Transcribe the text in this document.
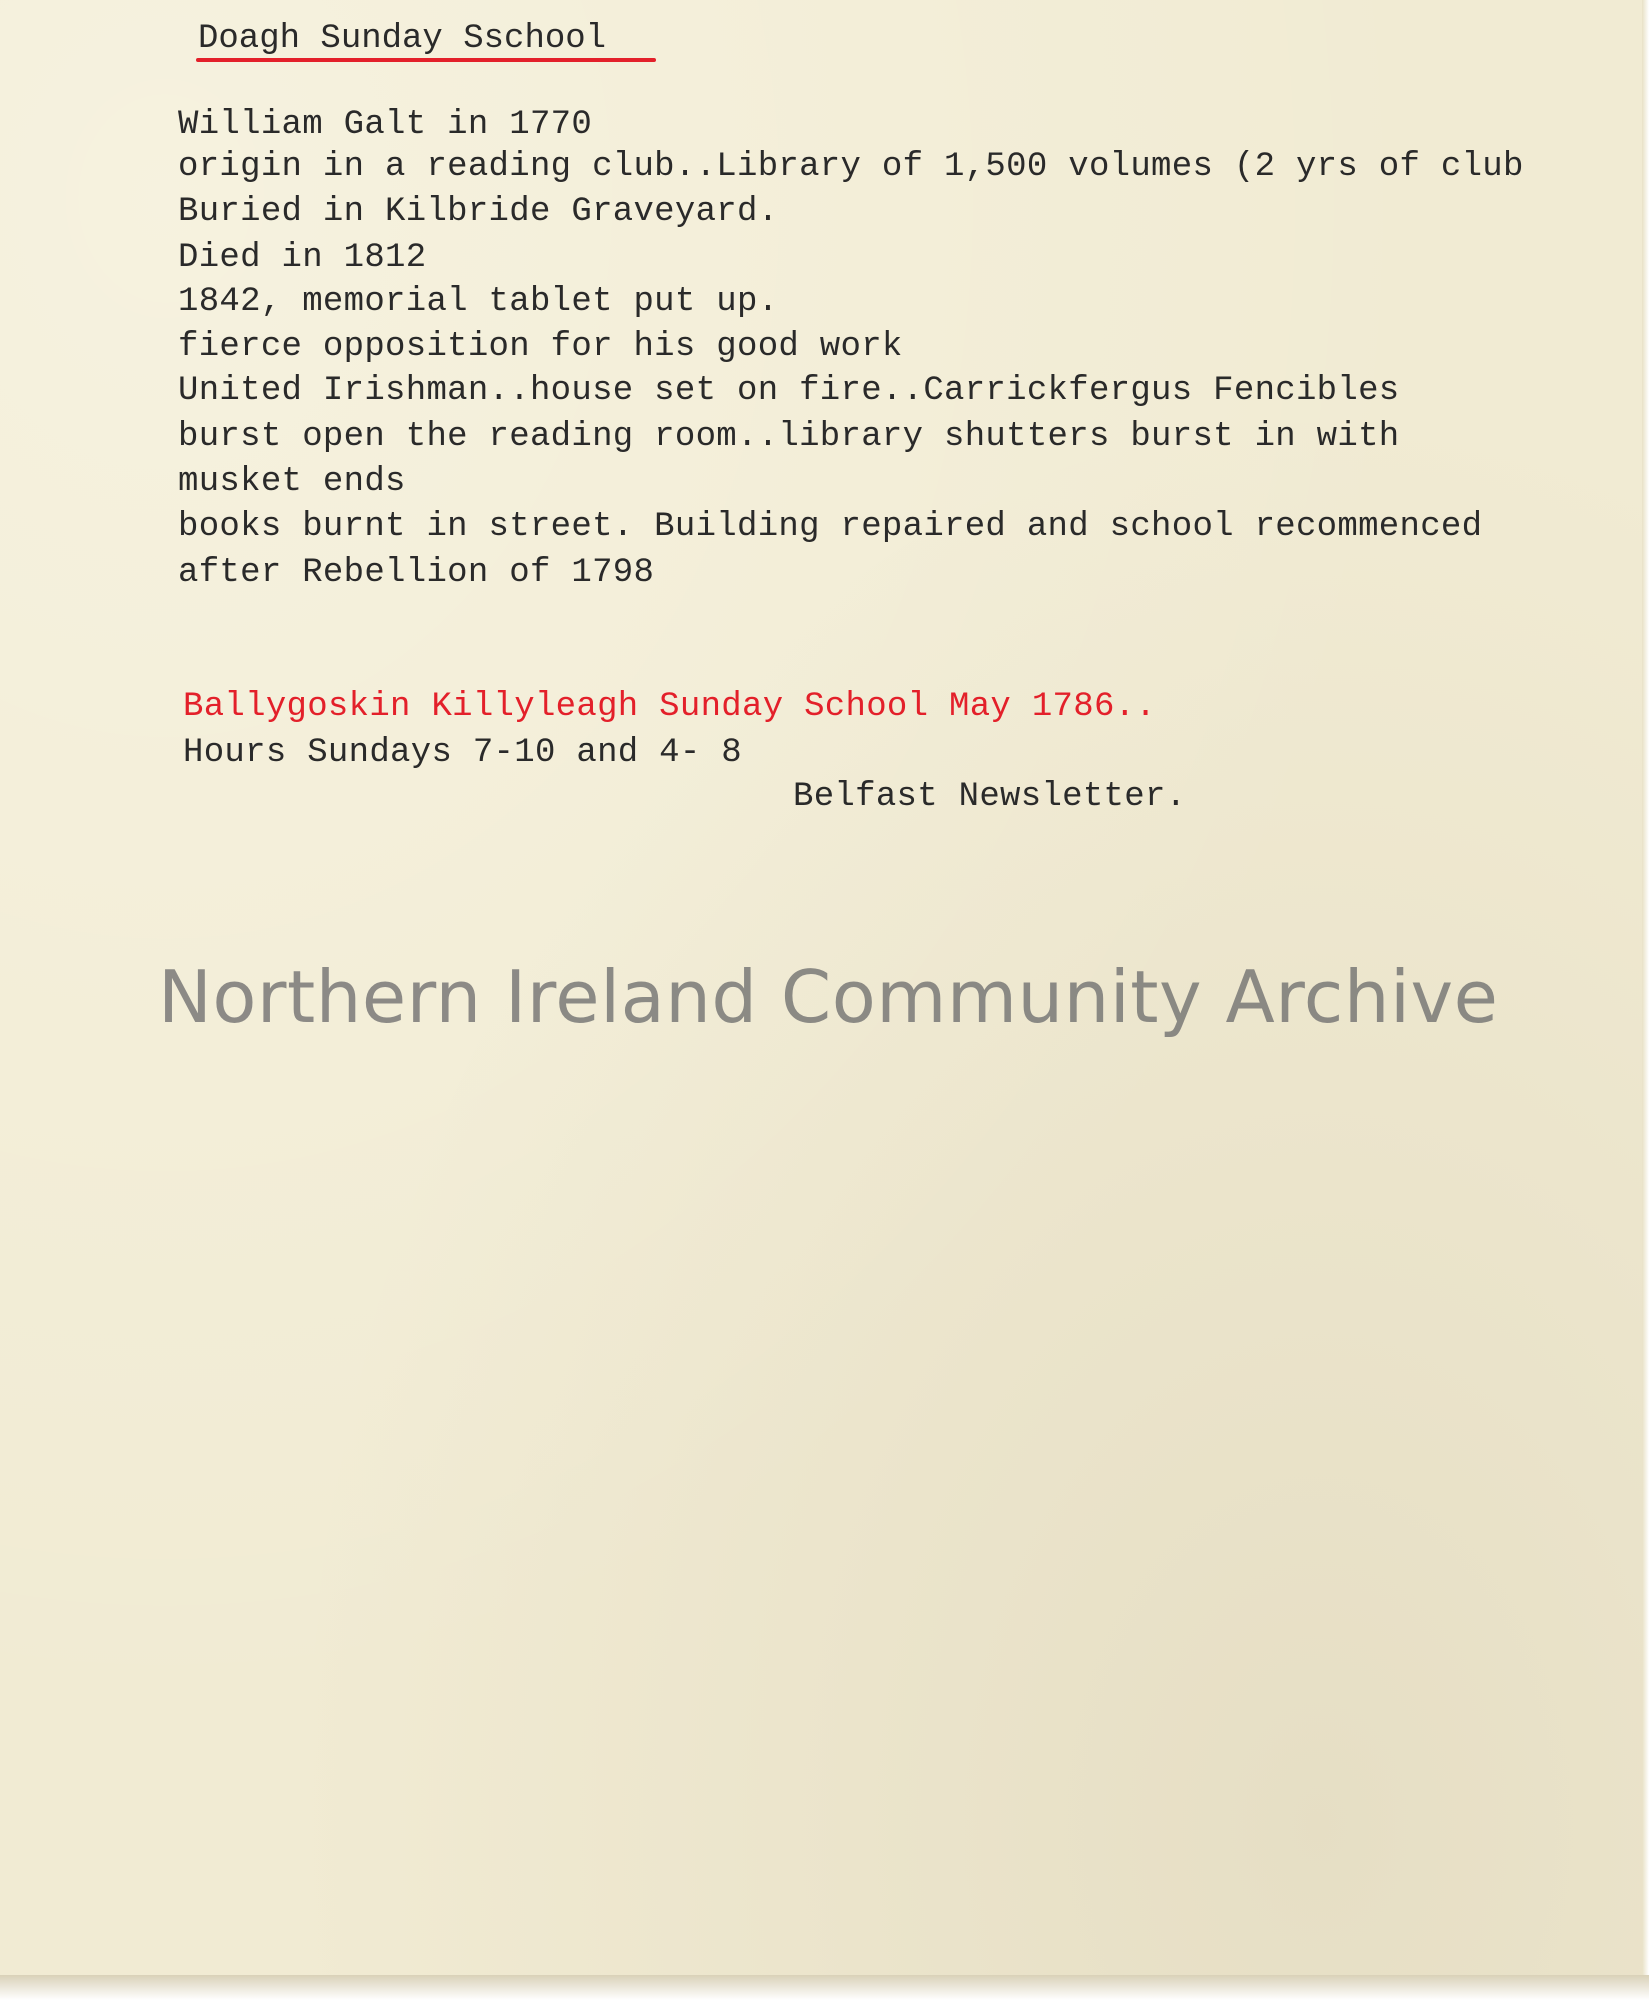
Doagh Sunday Sschool
William Galt in 1770
origin in a reading club..Library of 1,500 volumes (2 yrs of club
Buried in Kilbride Graveyard.
Died in 1812
1842, memorial tablet put up.
fierce opposition for his good work
United Irishman..house set on fire..Carrickfergus Fencibles
burst open the reading room..library shutters burst in with
musket ends
books burnt in street. Building repaired and school recommenced
after Rebellion of 1798
Ballygoskin Killyleagh Sunday School May 1786..
Hours Sundays 7-10 and 4- 8
Belfast Newsletter.
Northern Ireland Community Archive
